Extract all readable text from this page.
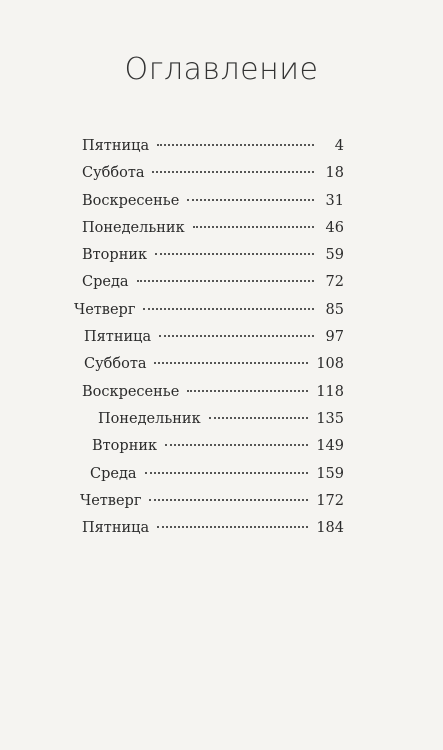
Оглавление
Пятница	4
Суббота	18
Воскресенье	31
Понедельник	46
Вторник	59
Среда	72
Четверг	85
Пятница	97
Суббота	108
Воскресенье	118
Понедельник	135
Вторник	149
Среда	159
Четверг	172
Пятница	184
